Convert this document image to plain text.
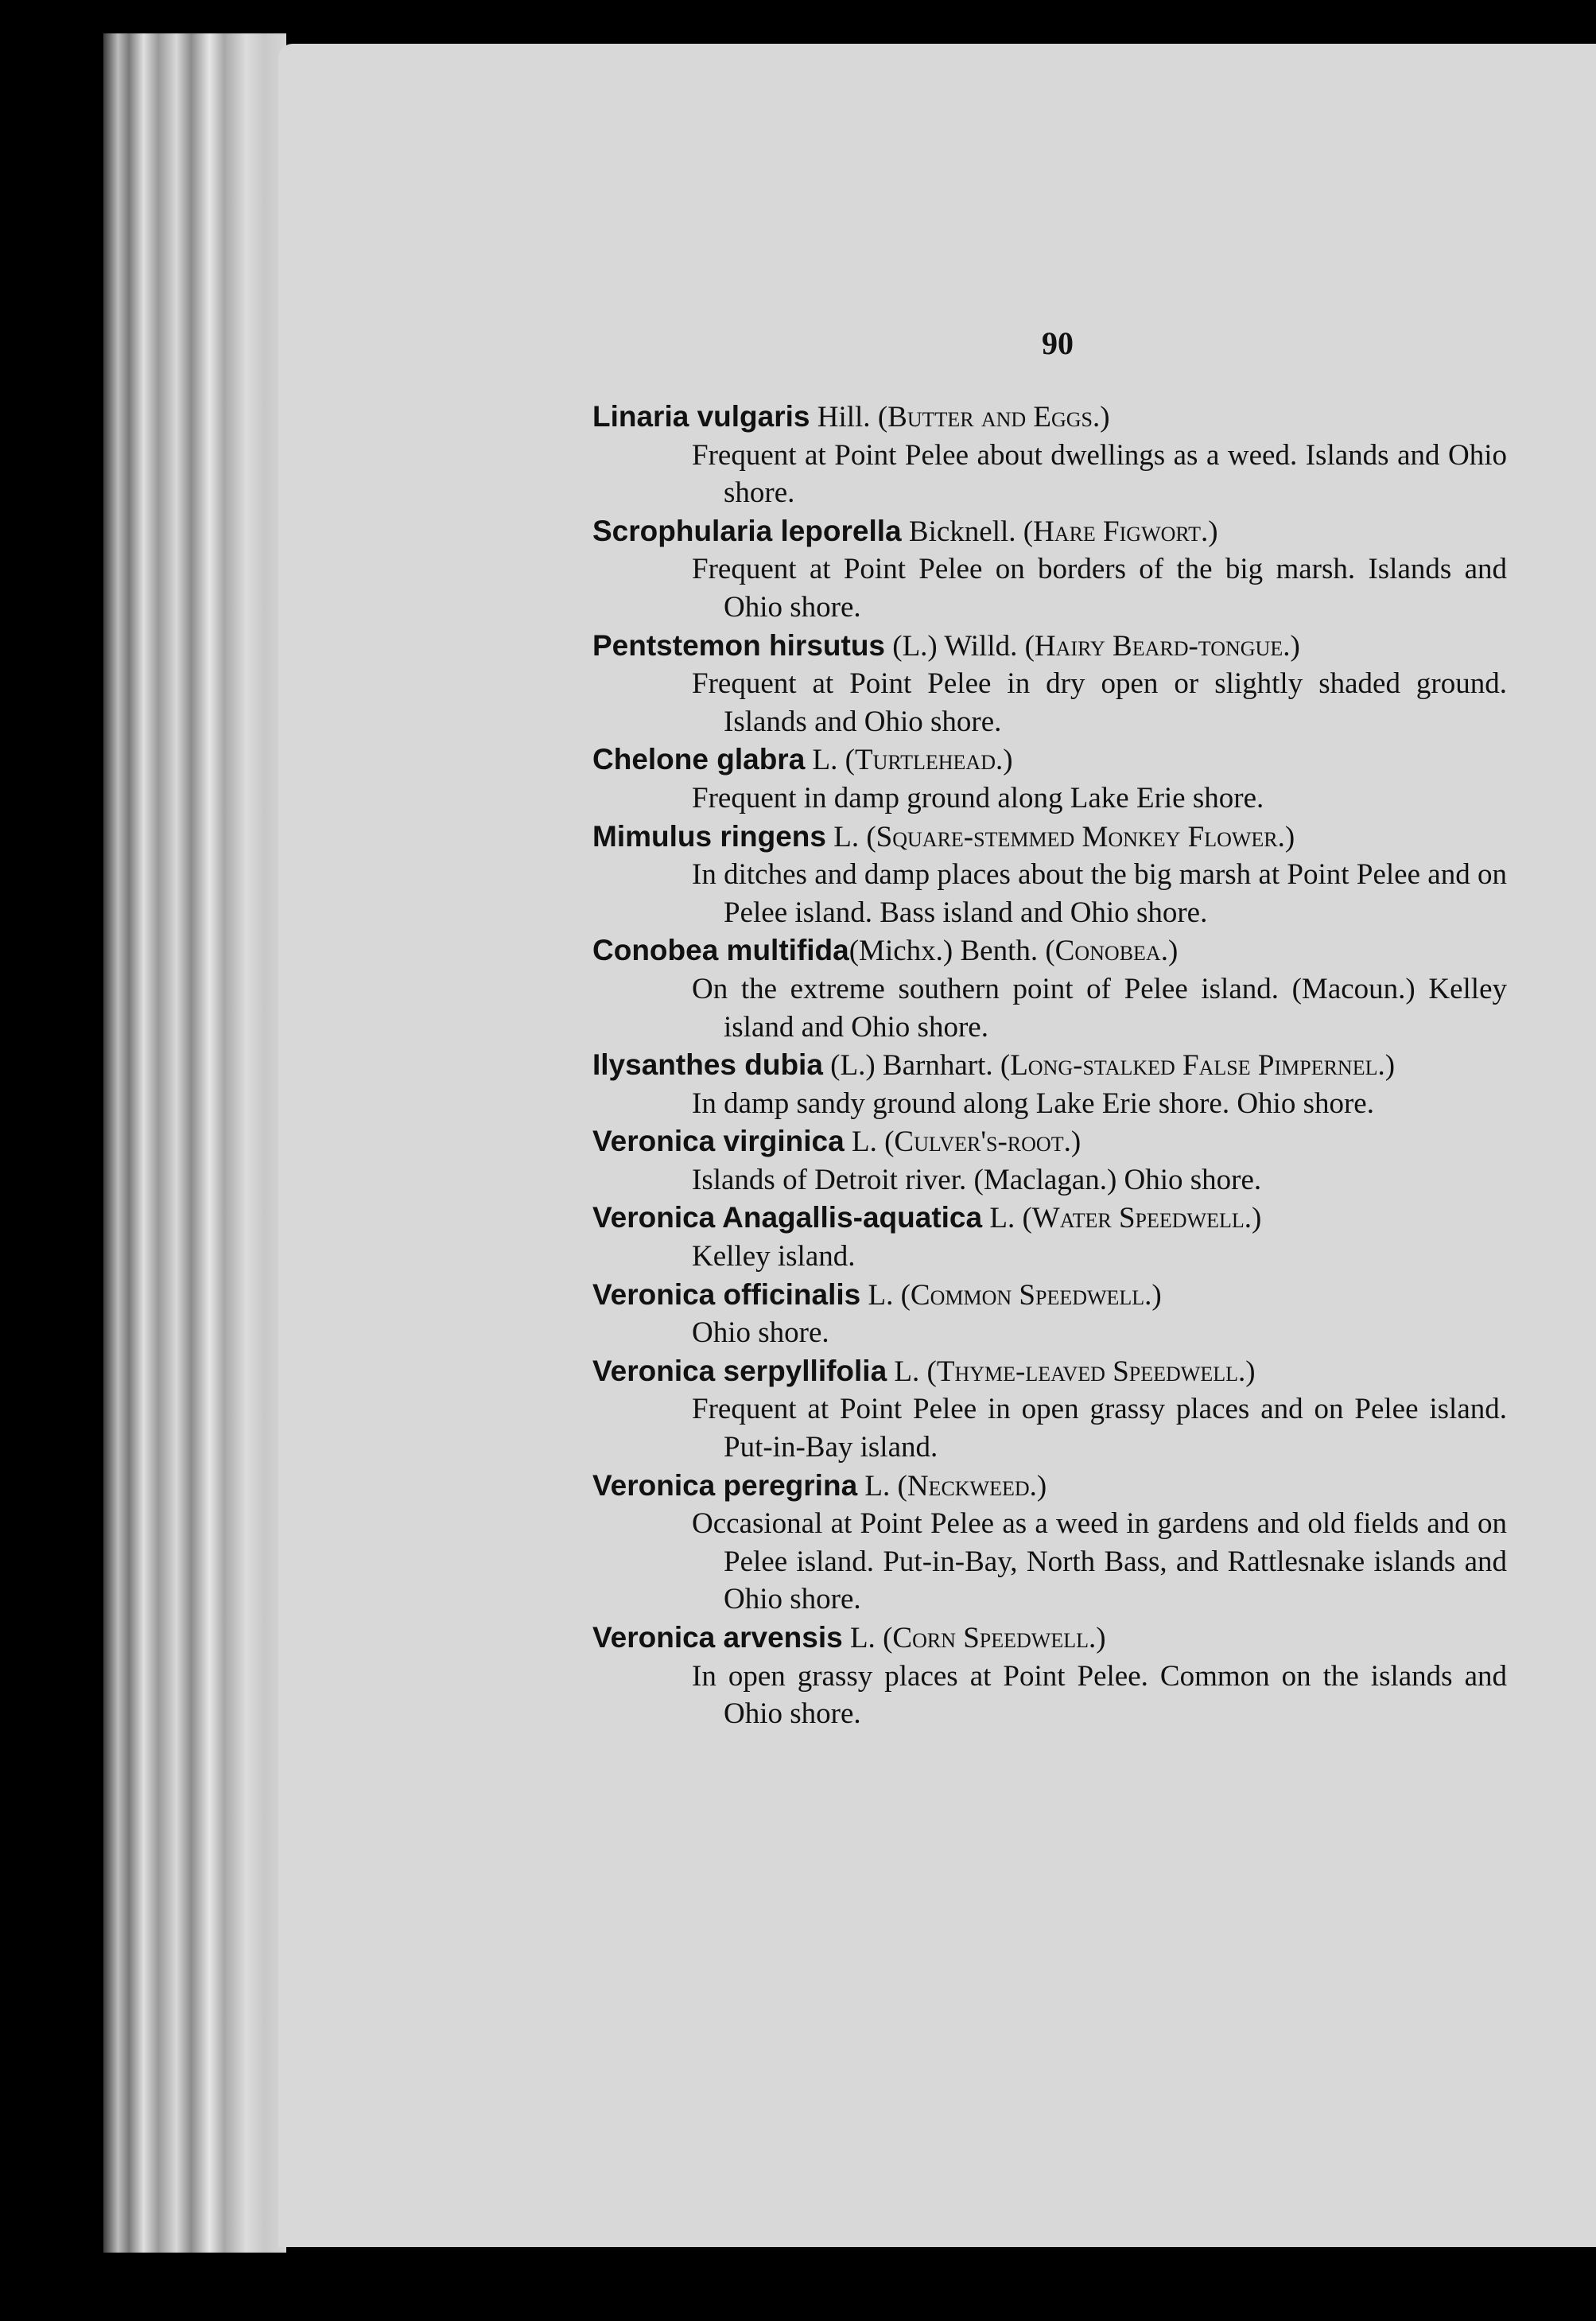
90
Linaria vulgaris Hill. (Butter and Eggs.)
Frequent at Point Pelee about dwellings as a weed. Islands and Ohio shore.
Scrophularia leporella Bicknell. (Hare Figwort.)
Frequent at Point Pelee on borders of the big marsh. Islands and Ohio shore.
Pentstemon hirsutus (L.) Willd. (Hairy Beard-tongue.)
Frequent at Point Pelee in dry open or slightly shaded ground. Islands and Ohio shore.
Chelone glabra L. (Turtlehead.)
Frequent in damp ground along Lake Erie shore.
Mimulus ringens L. (Square-stemmed Monkey Flower.)
In ditches and damp places about the big marsh at Point Pelee and on Pelee island. Bass island and Ohio shore.
Conobea multifida(Michx.) Benth. (Conobea.)
On the extreme southern point of Pelee island. (Macoun.) Kelley island and Ohio shore.
Ilysanthes dubia (L.) Barnhart. (Long-stalked False Pimpernel.)
In damp sandy ground along Lake Erie shore. Ohio shore.
Veronica virginica L. (Culver's-root.)
Islands of Detroit river. (Maclagan.) Ohio shore.
Veronica Anagallis-aquatica L. (Water Speedwell.)
Kelley island.
Veronica officinalis L. (Common Speedwell.)
Ohio shore.
Veronica serpyllifolia L. (Thyme-leaved Speedwell.)
Frequent at Point Pelee in open grassy places and on Pelee island. Put-in-Bay island.
Veronica peregrina L. (Neckweed.)
Occasional at Point Pelee as a weed in gardens and old fields and on Pelee island. Put-in-Bay, North Bass, and Rattlesnake islands and Ohio shore.
Veronica arvensis L. (Corn Speedwell.)
In open grassy places at Point Pelee. Common on the islands and Ohio shore.
